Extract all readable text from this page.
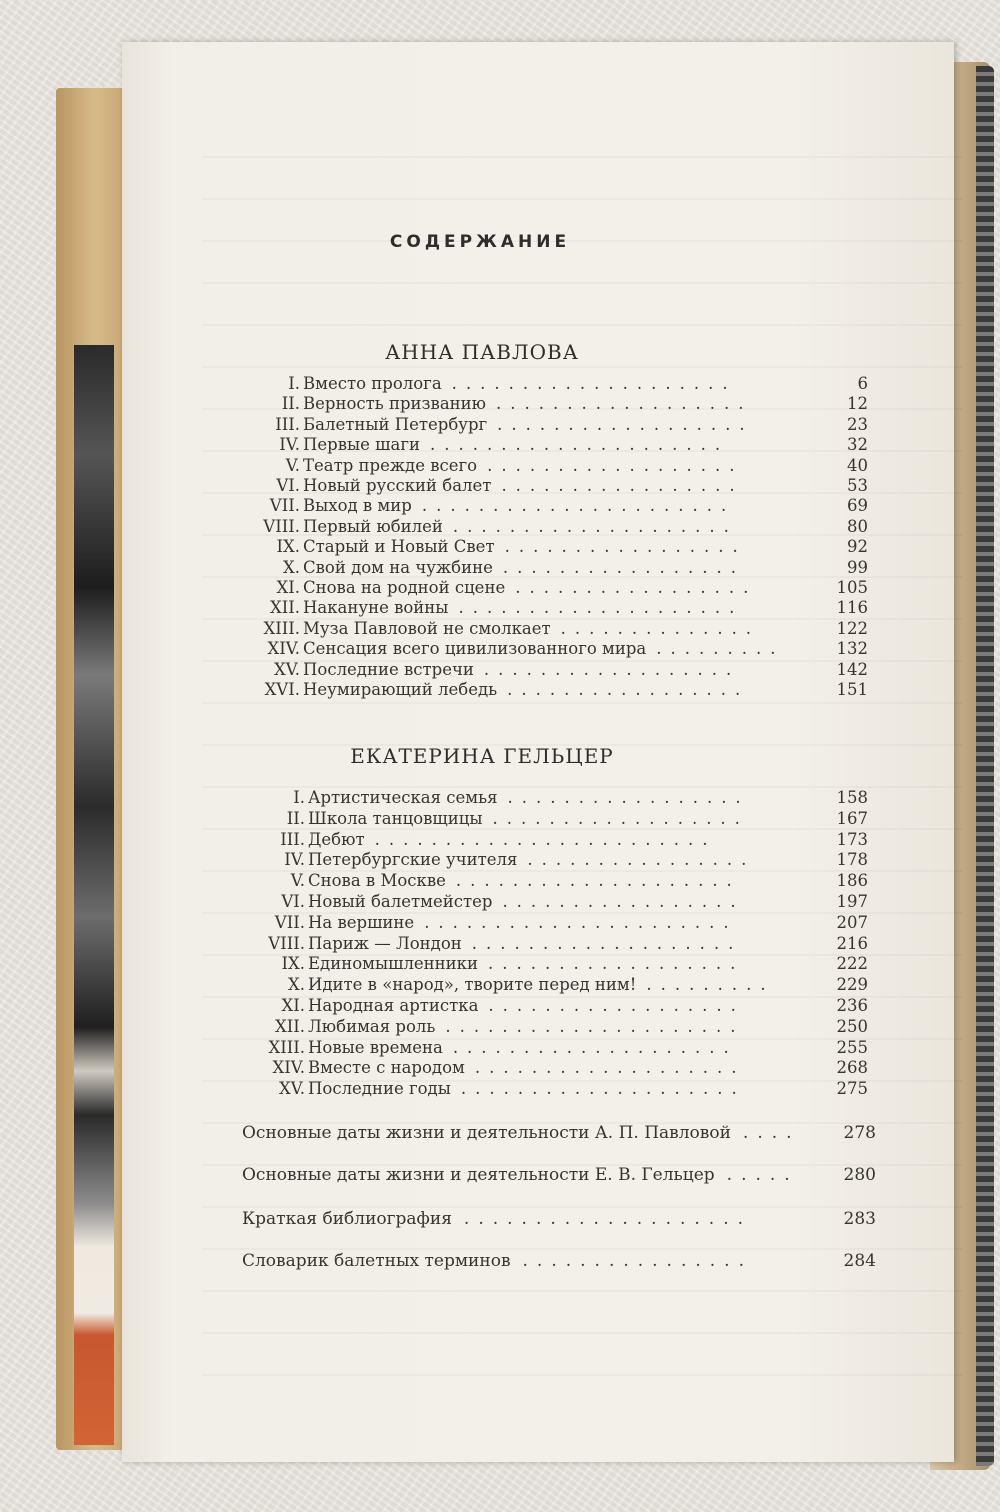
СОДЕРЖАНИЕ
АННА ПАВЛОВА
ЕКАТЕРИНА ГЕЛЬЦЕР
I. Вместо пролога	6
....................
II. Верность призванию	12
..................
III. Балетный Петербург	23
..................
IV. Первые шаги	32
.....................
V. Театр прежде всего	40
..................
VI. Новый русский балет	53
.................
VII. Выход в мир	69
......................
VIII. Первый юбилей	80
....................
IX. Старый и Новый Свет	92
.................
X. Свой дом на чужбине	99
.................
XI. Снова на родной сцене	105
.................
XII. Накануне войны	116
....................
XIII. Муза Павловой не смолкает	122
..............
XIV. Сенсация всего цивилизованного мира	132
.........
XV. Последние встречи	142
..................
XVI. Неумирающий лебедь	151
.................
I. Артистическая семья	158
.................
II. Школа танцовщицы	167
..................
III. Дебют	173
........................
IV. Петербургские учителя	178
................
V. Снова в Москве	186
....................
VI. Новый балетмейстер	197
.................
VII. На вершине	207
......................
VIII. Париж — Лондон	216
...................
IX. Единомышленники	222
..................
X. Идите в «народ», творите перед ним!	229
.........
XI. Народная артистка	236
..................
XII. Любимая роль	250
.....................
XIII. Новые времена	255
....................
XIV. Вместе с народом	268
...................
XV. Последние годы	275
....................
Основные даты жизни и деятельности А. П. Павловой	278
....
Основные даты жизни и деятельности Е. В. Гельцер	280
.....
Краткая библиография	283
....................
Словарик балетных терминов	284
................
